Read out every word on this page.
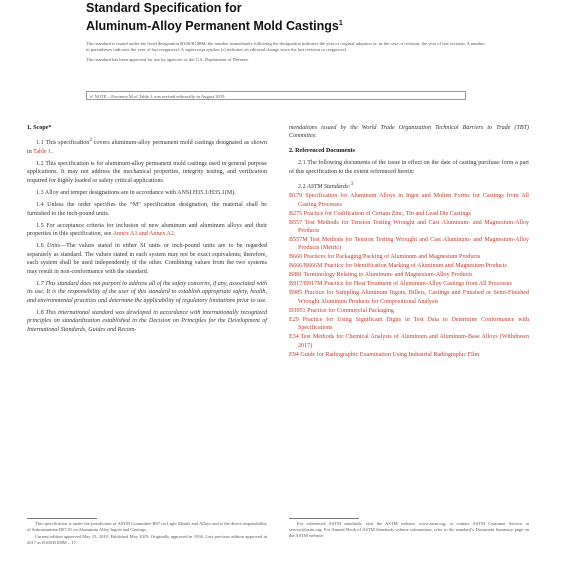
Standard Specification for
Aluminum-Alloy Permanent Mold Castings$^1$

This standard is issued under the fixed designation B108/B108M; the number immediately following the designation indicates the year of original adoption or, in the case of revision, the year of last revision. A number in parentheses indicates the year of last reapproval. A superscript epsilon (ε) indicates an editorial change since the last revision or reapproval.

This standard has been approved for use by agencies of the U.S. Department of Defense.

ε¹ NOTE—Footnote M of Table 1 was revised editorially in August 2019.
1. Scope*

1.1 This specification$^2$ covers aluminum-alloy permanent mold castings designated as shown in Table 1.

1.2 This specification is for aluminum-alloy permanent mold castings used in general purpose applications. It may not address the mechanical properties, integrity testing, and verification required for highly loaded or safety critical applications.

1.3 Alloy and temper designations are in accordance with ANSI H35.1/H35.1(M).

1.4 Unless the order specifies the “M” specification designation, the material shall be furnished to the inch-pound units.

1.5 For acceptance criteria for inclusion of new aluminum and aluminum alloys and their properties in this specification, see Annex A1 and Annex A2.

1.6 Units—The values stated in either SI units or inch-pound units are to be regarded separately as standard. The values stated in each system may not be exact equivalents; therefore, each system shall be used independently of the other. Combining values from the two systems may result in non-conformance with the standard.

1.7 This standard does not purport to address all of the safety concerns, if any, associated with its use. It is the responsibility of the user of this standard to establish appropriate safety, health, and environmental practices and determine the applicability of regulatory limitations prior to use.

1.8 This international standard was developed in accordance with internationally recognized principles on standardization established in the Decision on Principles for the Development of International Standards, Guides and Recom-

mendations issued by the World Trade Organization Technical Barriers to Trade (TBT) Committee.

2. Referenced Documents

2.1 The following documents of the issue in effect on the date of casting purchase form a part of this specification to the extent referenced herein:

2.2 ASTM Standards:$^3$

B179 Specification for Aluminum Alloys in Ingot and Molten Forms for Castings from All Casting Processes
B275 Practice for Codification of Certain Zinc, Tin and Lead Die Castings
B557 Test Methods for Tension Testing Wrought and Cast Aluminum- and Magnesium-Alloy Products
B557M Test Methods for Tension Testing Wrought and Cast Aluminum- and Magnesium-Alloy Products (Metric)
B660 Practices for Packaging/Packing of Aluminum and Magnesium Products
B666/B666M Practice for Identification Marking of Aluminum and Magnesium Products
B881 Terminology Relating to Aluminum- and Magnesium-Alloy Products
B917/B917M Practice for Heat Treatment of Aluminum-Alloy Castings from All Processes
B985 Practice for Sampling Aluminum Ingots, Billets, Castings and Finished or Semi-Finished Wrought Aluminum Products for Compositional Analysis
D3951 Practice for Commercial Packaging
E29 Practice for Using Significant Digits in Test Data to Determine Conformance with Specifications
E34 Test Methods for Chemical Analysis of Aluminum and Aluminum-Base Alloys (Withdrawn 2017)
E94 Guide for Radiographic Examination Using Industrial Radiographic Film

This specification is under the jurisdiction of ASTM Committee B07 on Light Metals and Alloys and is the direct responsibility of Subcommittee B07.01 on Aluminum Alloy Ingots and Castings.

Current edition approved May 15, 2019. Published May 2019. Originally approved in 1936. Last previous edition approved in 2017 as B108/B108M – 17.

For referenced ASTM standards, visit the ASTM website, www.astm.org, or contact ASTM Customer Service at service@astm.org. For Annual Book of ASTM Standards volume information, refer to the standard’s Document Summary page on the ASTM website.
